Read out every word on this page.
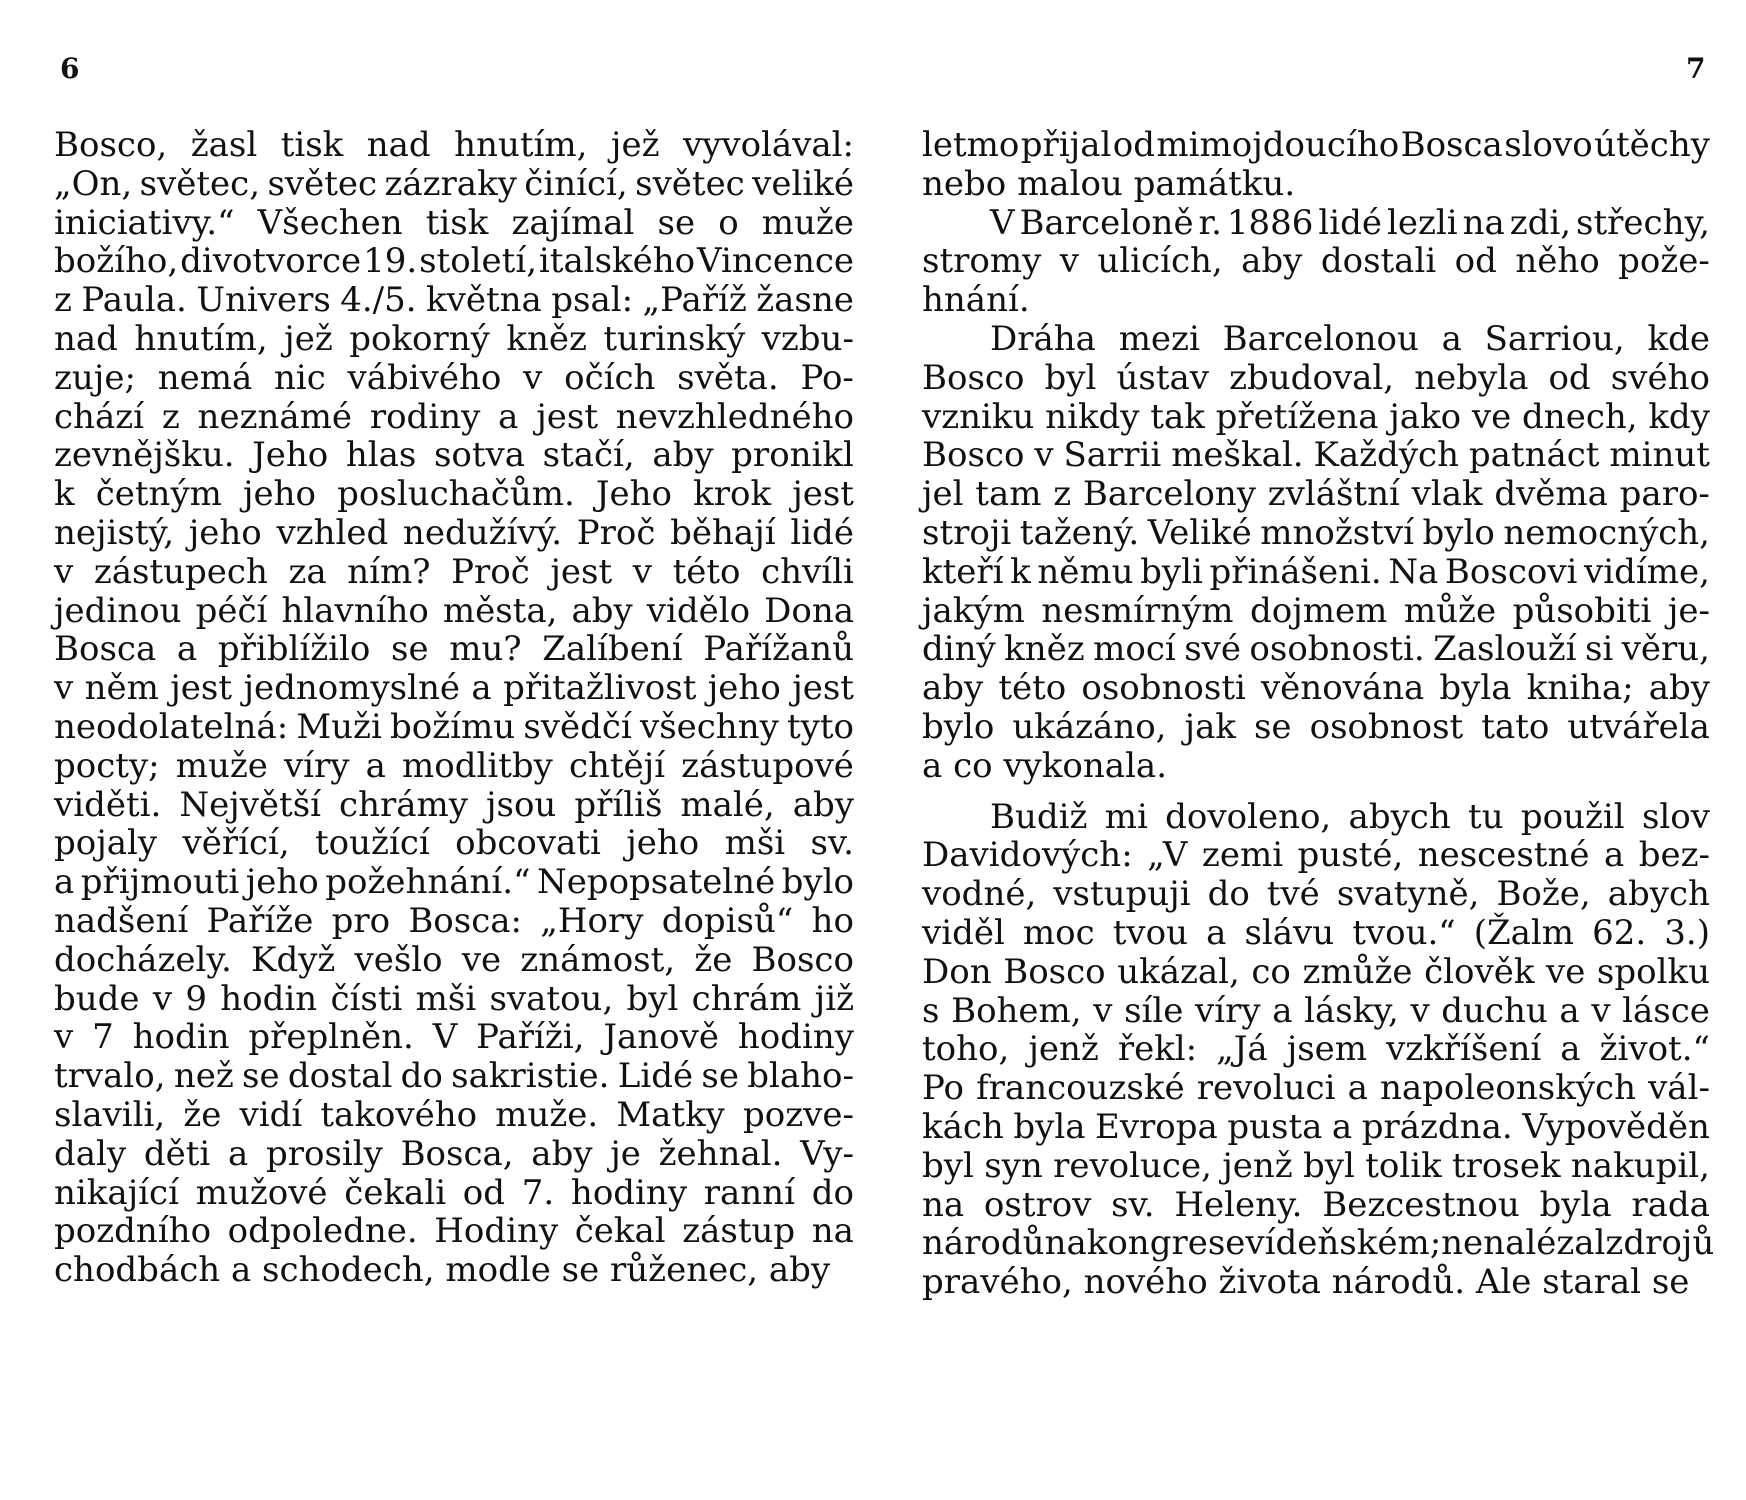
6	7
Bosco, žasl tisk nad hnutím, jež vyvolával:
„On, světec, světec zázraky činící, světec veliké
iniciativy.“ Všechen tisk zajímal se o muže
božího, divotvorce 19. století, italského Vincence
z Paula. Univers 4./5. května psal: „Paříž žasne
nad hnutím, jež pokorný kněz turinský vzbu-
zuje; nemá nic vábivého v očích světa. Po-
chází z neznámé rodiny a jest nevzhledného
zevnějšku. Jeho hlas sotva stačí, aby pronikl
k četným jeho posluchačům. Jeho krok jest
nejistý, jeho vzhled nedužívý. Proč běhají lidé
v zástupech za ním? Proč jest v této chvíli
jedinou péčí hlavního města, aby vidělo Dona
Bosca a přiblížilo se mu? Zalíbení Pařížanů
v něm jest jednomyslné a přitažlivost jeho jest
neodolatelná: Muži božímu svědčí všechny tyto
pocty; muže víry a modlitby chtějí zástupové
viděti. Největší chrámy jsou příliš malé, aby
pojaly věřící, toužící obcovati jeho mši sv.
a přijmouti jeho požehnání.“ Nepopsatelné bylo
nadšení Paříže pro Bosca: „Hory dopisů“ ho
docházely. Když vešlo ve známost, že Bosco
bude v 9 hodin čísti mši svatou, byl chrám již
v 7 hodin přeplněn. V Paříži, Janově hodiny
trvalo, než se dostal do sakristie. Lidé se blaho-
slavili, že vidí takového muže. Matky pozve-
daly děti a prosily Bosca, aby je žehnal. Vy-
nikající mužové čekali od 7. hodiny ranní do
pozdního odpoledne. Hodiny čekal zástup na
chodbách a schodech, modle se růženec, aby
letmo přijal od mimojdoucího Bosca slovo útěchy
nebo malou památku.
V Barceloně r. 1886 lidé lezli na zdi, střechy,
stromy v ulicích, aby dostali od něho pože-
hnání.
Dráha mezi Barcelonou a Sarriou, kde
Bosco byl ústav zbudoval, nebyla od svého
vzniku nikdy tak přetížena jako ve dnech, kdy
Bosco v Sarrii meškal. Každých patnáct minut
jel tam z Barcelony zvláštní vlak dvěma paro-
stroji tažený. Veliké množství bylo nemocných,
kteří k němu byli přinášeni. Na Boscovi vidíme,
jakým nesmírným dojmem může působiti je-
diný kněz mocí své osobnosti. Zaslouží si věru,
aby této osobnosti věnována byla kniha; aby
bylo ukázáno, jak se osobnost tato utvářela
a co vykonala.
Budiž mi dovoleno, abych tu použil slov
Davidových: „V zemi pusté, nescestné a bez-
vodné, vstupuji do tvé svatyně, Bože, abych
viděl moc tvou a slávu tvou.“ (Žalm 62. 3.)
Don Bosco ukázal, co zmůže člověk ve spolku
s Bohem, v síle víry a lásky, v duchu a v lásce
toho, jenž řekl: „Já jsem vzkříšení a život.“
Po francouzské revoluci a napoleonských vál-
kách byla Evropa pusta a prázdna. Vypověděn
byl syn revoluce, jenž byl tolik trosek nakupil,
na ostrov sv. Heleny. Bezcestnou byla rada
národů na kongrese vídeňském; nenalézal zdrojů
pravého, nového života národů. Ale staral se
